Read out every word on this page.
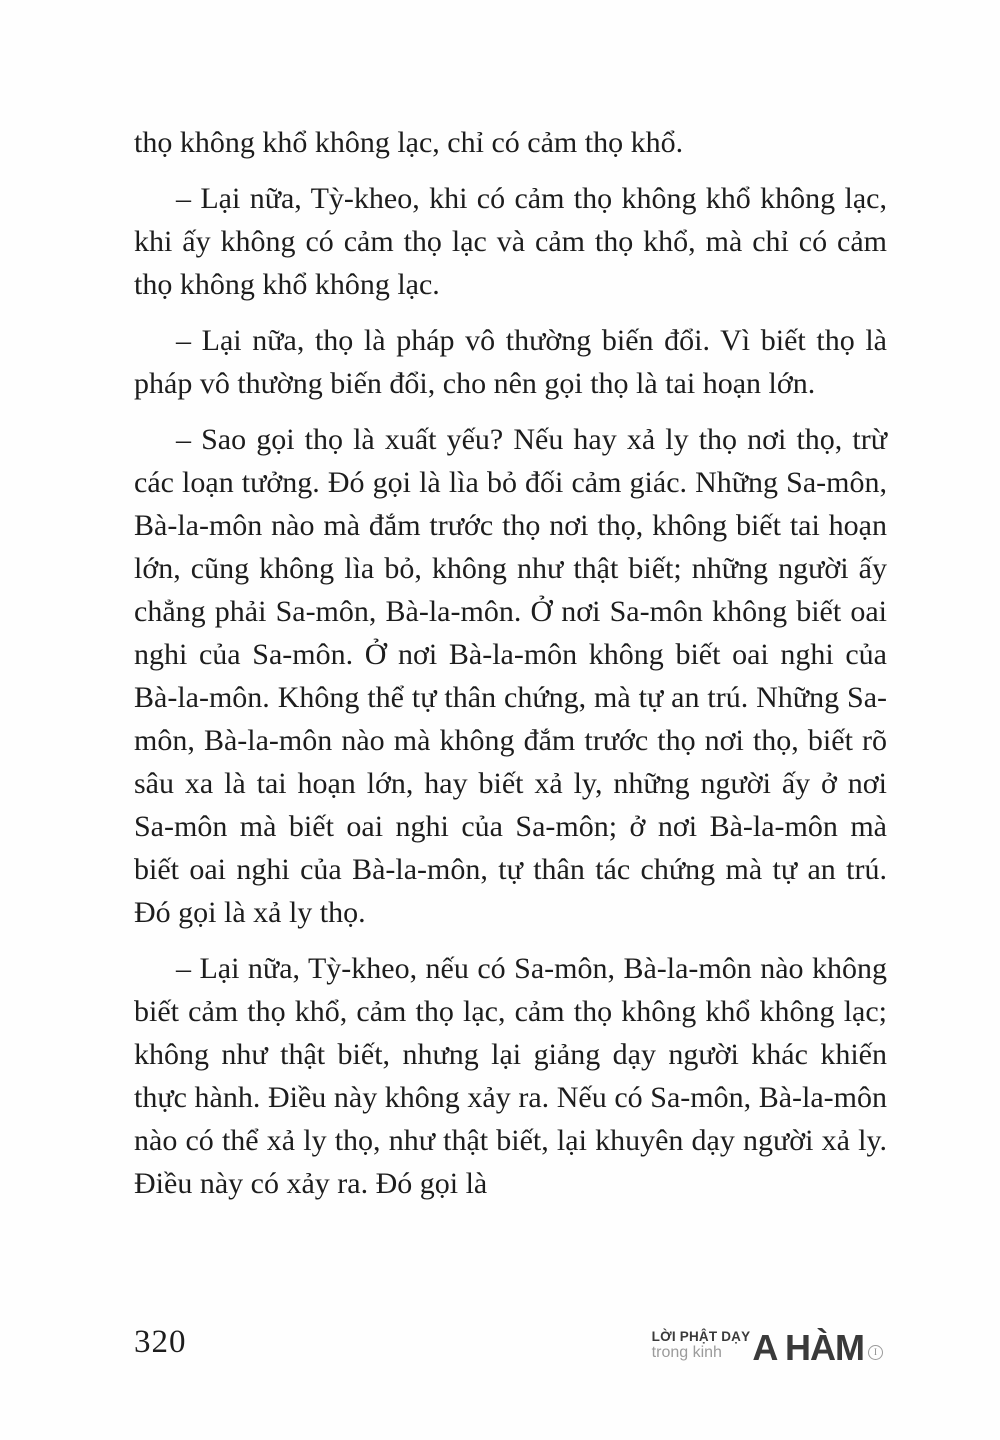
thọ không khổ không lạc, chỉ có cảm thọ khổ.

– Lại nữa, Tỳ-kheo, khi có cảm thọ không khổ không lạc, khi ấy không có cảm thọ lạc và cảm thọ khổ, mà chỉ có cảm thọ không khổ không lạc.

– Lại nữa, thọ là pháp vô thường biến đổi. Vì biết thọ là pháp vô thường biến đổi, cho nên gọi thọ là tai hoạn lớn.

– Sao gọi thọ là xuất yếu? Nếu hay xả ly thọ nơi thọ, trừ các loạn tưởng. Đó gọi là lìa bỏ đối cảm giác. Những Sa-môn, Bà-la-môn nào mà đắm trước thọ nơi thọ, không biết tai hoạn lớn, cũng không lìa bỏ, không như thật biết; những người ấy chẳng phải Sa-môn, Bà-la-môn. Ở nơi Sa-môn không biết oai nghi của Sa-môn. Ở nơi Bà-la-môn không biết oai nghi của Bà-la-môn. Không thể tự thân chứng, mà tự an trú. Những Sa-môn, Bà-la-môn nào mà không đắm trước thọ nơi thọ, biết rõ sâu xa là tai hoạn lớn, hay biết xả ly, những người ấy ở nơi Sa-môn mà biết oai nghi của Sa-môn; ở nơi Bà-la-môn mà biết oai nghi của Bà-la-môn, tự thân tác chứng mà tự an trú. Đó gọi là xả ly thọ.

– Lại nữa, Tỳ-kheo, nếu có Sa-môn, Bà-la-môn nào không biết cảm thọ khổ, cảm thọ lạc, cảm thọ không khổ không lạc; không như thật biết, nhưng lại giảng dạy người khác khiến thực hành. Điều này không xảy ra. Nếu có Sa-môn, Bà-la-môn nào có thể xả ly thọ, như thật biết, lại khuyên dạy người xả ly. Điều này có xảy ra. Đó gọi là

320	LỜI PHẬT DẠY
trong kinh A HÀM	I
